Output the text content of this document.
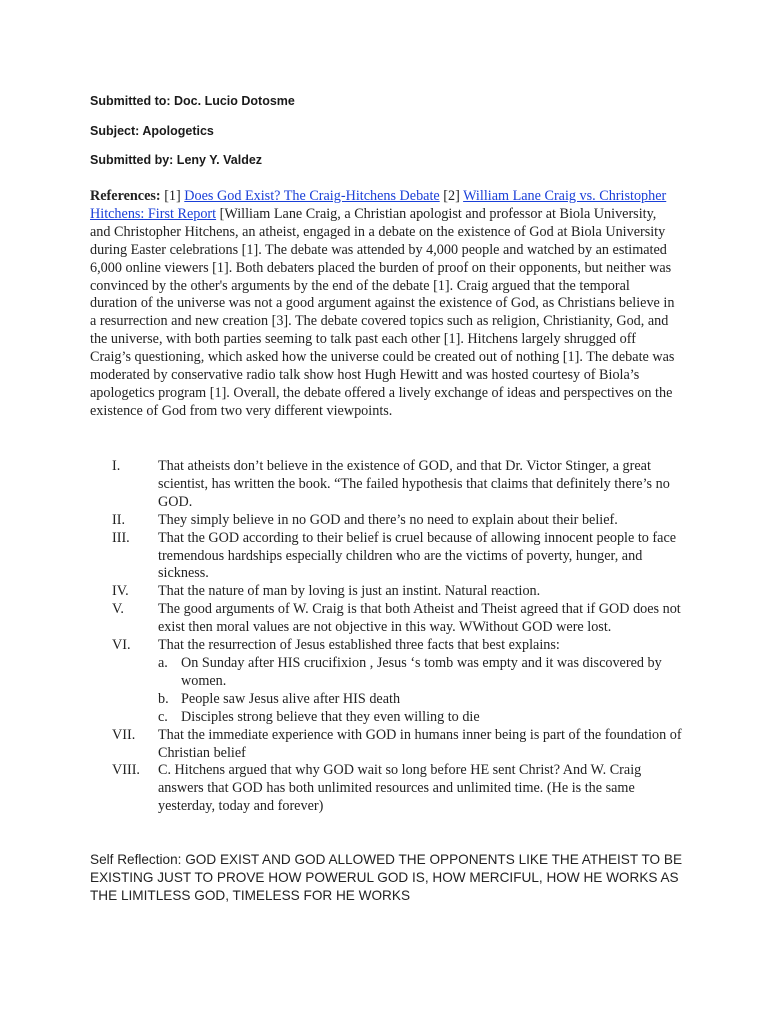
Submitted to: Doc. Lucio Dotosme
Subject: Apologetics
Submitted by: Leny Y. Valdez
References: [1] Does God Exist? The Craig-Hitchens Debate [2] William Lane Craig vs. Christopher Hitchens: First Report [William Lane Craig, a Christian apologist and professor at Biola University, and Christopher Hitchens, an atheist, engaged in a debate on the existence of God at Biola University during Easter celebrations [1]. The debate was attended by 4,000 people and watched by an estimated 6,000 online viewers [1]. Both debaters placed the burden of proof on their opponents, but neither was convinced by the other's arguments by the end of the debate [1]. Craig argued that the temporal duration of the universe was not a good argument against the existence of God, as Christians believe in a resurrection and new creation [3]. The debate covered topics such as religion, Christianity, God, and the universe, with both parties seeming to talk past each other [1]. Hitchens largely shrugged off Craig’s questioning, which asked how the universe could be created out of nothing [1]. The debate was moderated by conservative radio talk show host Hugh Hewitt and was hosted courtesy of Biola’s apologetics program [1]. Overall, the debate offered a lively exchange of ideas and perspectives on the existence of God from two very different viewpoints.
I.	That atheists don’t believe in the existence of GOD, and that Dr. Victor Stinger, a great scientist, has written the book. “The failed hypothesis that claims that definitely there’s no GOD.
II.	They simply believe in no GOD and there’s no need to explain about their belief.
III.	That the GOD according to their belief is cruel because of allowing innocent people to face tremendous hardships especially children who are the victims of poverty, hunger, and sickness.
IV.	That the nature of man by loving is just an instint. Natural reaction.
V.	The good arguments of W. Craig is that both Atheist and Theist agreed that if GOD does not exist then moral values are not objective in this way. WWithout GOD were lost.
VI.	That the resurrection of Jesus established three facts that best explains:
a. On Sunday after HIS crucifixion , Jesus ‘s tomb was empty and it was discovered by women.
b. People saw Jesus alive after HIS death
c. Disciples strong believe that they even willing to die
VII.	That the immediate experience with GOD in humans inner being is part of the foundation of Christian belief
VIII.	C. Hitchens argued that why GOD wait so long before HE sent Christ? And W. Craig answers that GOD has both unlimited resources and unlimited time. (He is the same yesterday, today and forever)
Self Reflection: GOD EXIST AND GOD ALLOWED THE OPPONENTS LIKE THE ATHEIST TO BE EXISTING JUST TO PROVE HOW POWERUL GOD IS, HOW MERCIFUL, HOW HE WORKS AS THE LIMITLESS GOD, TIMELESS FOR HE WORKS
